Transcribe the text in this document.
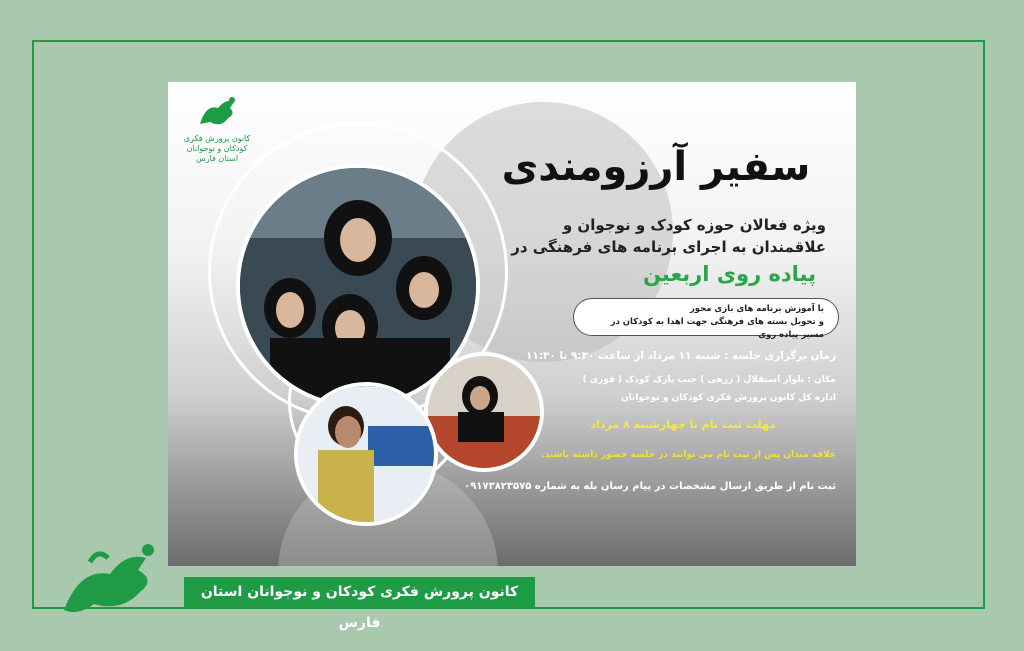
کانون پرورش فکری
کودکان و نوجوانان
استان فارس	سفیر آرزومندی
ویژه فعالان حوزه کودک و نوجوان و
علاقمندان به اجرای برنامه های فرهنگی در
پیاده روی اربعین
با آموزش برنامه های بازی محور
و تحویل بسته های فرهنگی جهت اهدا به کودکان در مسیر پیاده روی
زمان برگزاری جلسه : شنبه ۱۱ مرداد از ساعت ۹:۳۰ تا ۱۱:۳۰
مکان : بلوار استقلال ( زرهی ) جنب پارک کودک ( قوری )
اداره کل کانون پرورش فکری کودکان و نوجوانان
مهلت ثبت نام تا چهارشنبه ۸ مرداد
علاقه مندان پس از ثبت نام می توانند در جلسه حضور داشته باشند.
ثبت نام از طریق ارسال مشخصات در پیام رسان بله به شماره ۰۹۱۷۳۸۲۳۵۷۵
کانون پرورش فکری کودکان و نوجوانان استان فارس
